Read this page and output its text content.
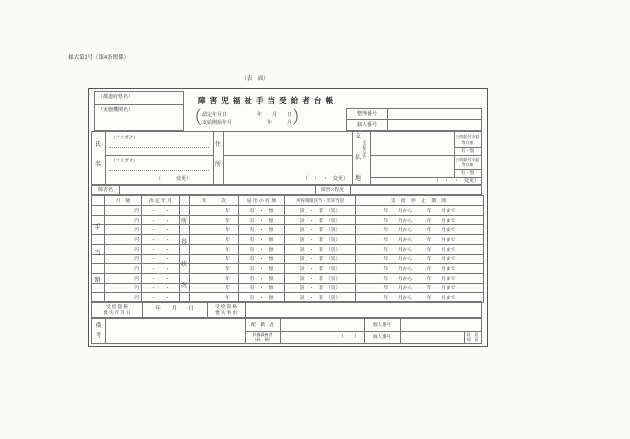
様式第1号（第4条関係）
（表　面）
（都道府県名）
（実施機関名）
障 害 児 福 祉 手 当 受 給 者 台 帳
（ 認定年月日	年　　月　　日
支給開始年月	年　　　月 ）	整理番号
個人番号
氏
名
（フリガナ）
（フリガナ）
（　　　変更）
住
所
（　・　・　変更）
支
払
地
（支払方法）
公的給付支給
等口座
有・無
公的給付支給
等口座
有・無
（　・　・　変更）
障害名	障害の程度
月　額	改 定 年 月	年　　　次	届 出 の 有 無	所得制限該当・非該当別	支 給 停 止 期 間
円	・　　・	年	有　・　無	該　・　非　（災）	年　　月から　　　年　　月まで
円	・　　・	年	有　・　無	該　・　非　（災）	年　　月から　　　年　　月まで
円	・　　・	年	有　・　無	該　・　非　（災）	年　　月から　　　年　　月まで
円	・　　・	年	有　・　無	該　・　非　（災）	年　　月から　　　年　　月まで
円	・　　・	年	有　・　無	該　・　非　（災）	年　　月から　　　年　　月まで
円	・　　・	年	有　・　無	該　・　非　（災）	年　　月から　　　年　　月まで
円	・　　・	年	有　・　無	該　・　非　（災）	年　　月から　　　年　　月まで
円	・　　・	年	有　・　無	該　・　非　（災）	年　　月から　　　年　　月まで
円	・　　・	年	有　・　無	該　・　非　（災）	年　　月から　　　年　　月まで
円	・　　・	年	有　・　無	該　・　非　（災）	年　　月から　　　年　　月まで
手
当
額
所
得
状
況
受 給 資 格
喪 失 年 月 日	年　　月　　日	受 給 資 格
喪 失 事 由
備
考
配　偶　者	個人番号
扶養義務者
（続　柄）	（　　）	個人番号
同　居
別　居
